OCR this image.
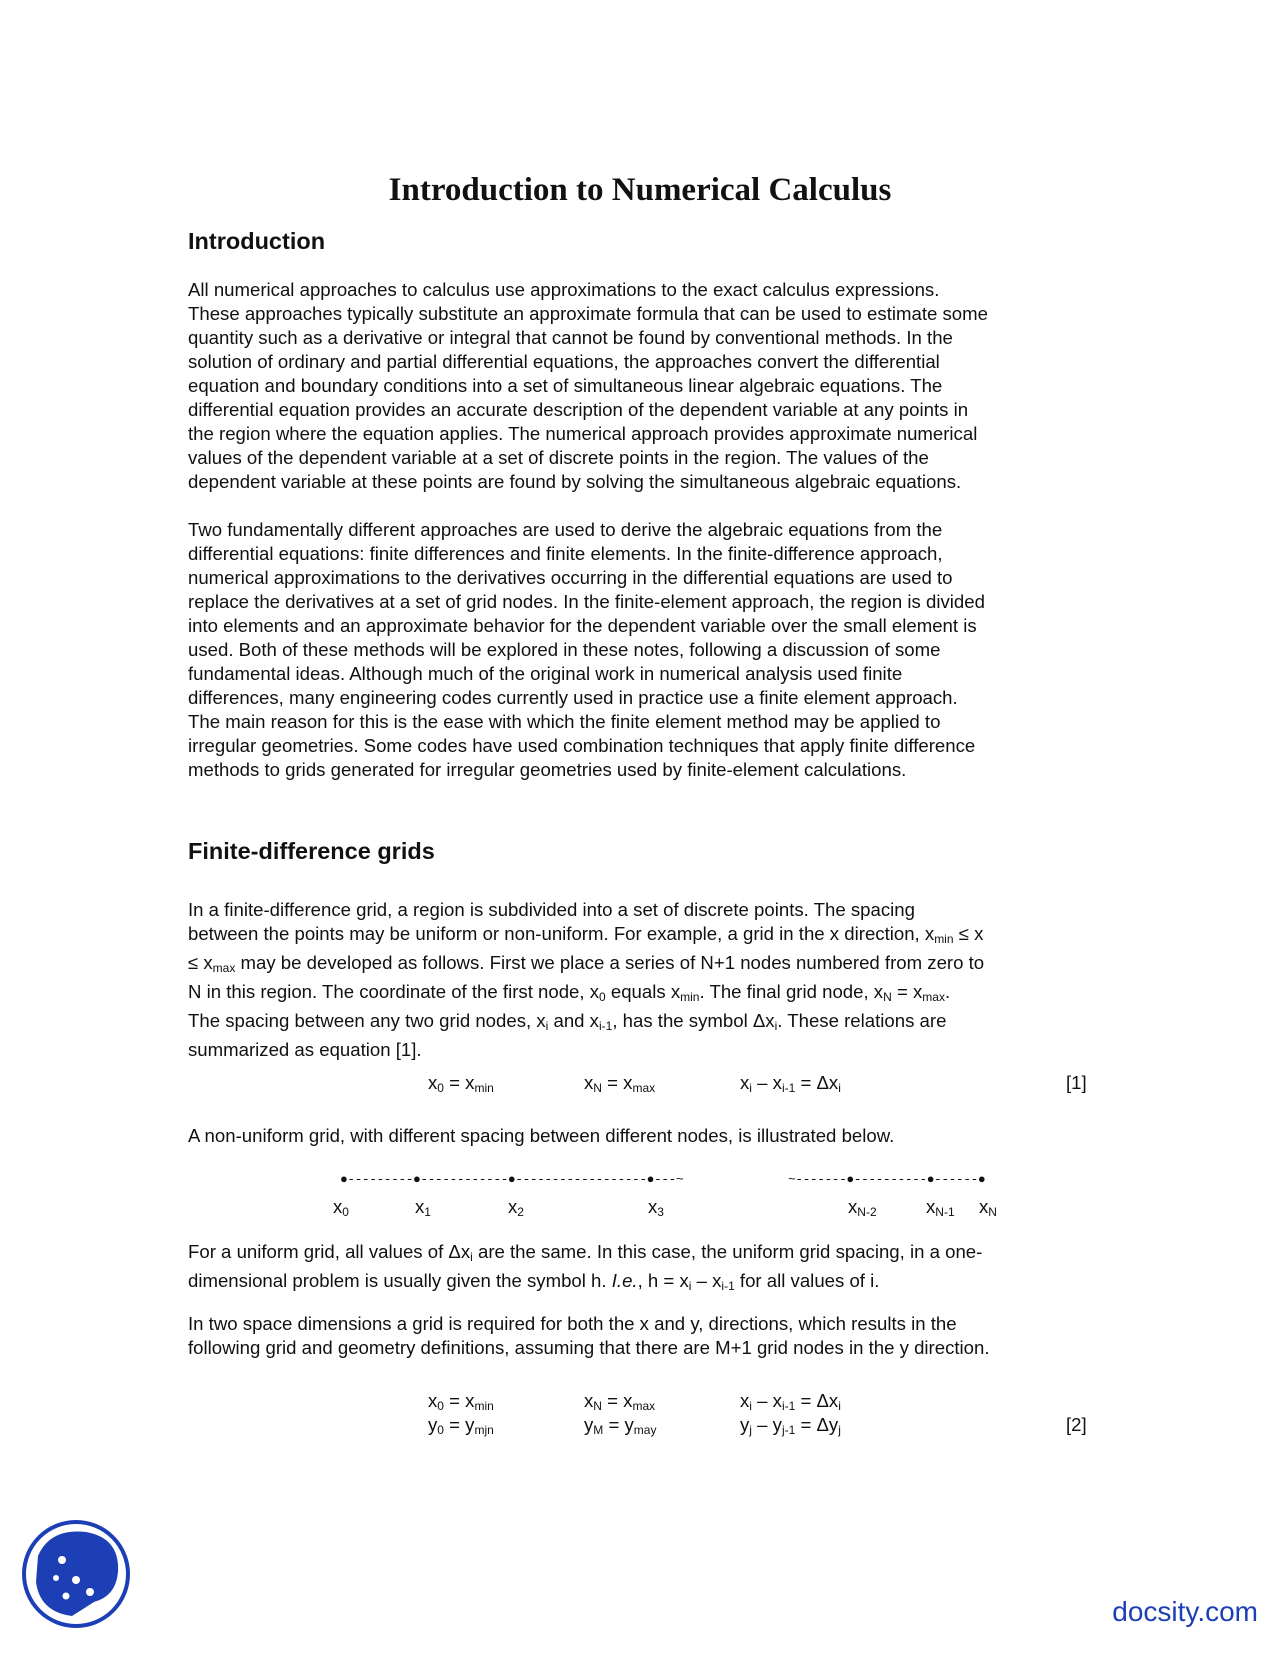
Introduction to Numerical Calculus
Introduction

All numerical approaches to calculus use approximations to the exact calculus expressions.
These approaches typically substitute an approximate formula that can be used to estimate some
quantity such as a derivative or integral that cannot be found by conventional methods. In the
solution of ordinary and partial differential equations, the approaches convert the differential
equation and boundary conditions into a set of simultaneous linear algebraic equations. The
differential equation provides an accurate description of the dependent variable at any points in
the region where the equation applies. The numerical approach provides approximate numerical
values of the dependent variable at a set of discrete points in the region. The values of the
dependent variable at these points are found by solving the simultaneous algebraic equations.

Two fundamentally different approaches are used to derive the algebraic equations from the
differential equations: finite differences and finite elements. In the finite-difference approach,
numerical approximations to the derivatives occurring in the differential equations are used to
replace the derivatives at a set of grid nodes. In the finite-element approach, the region is divided
into elements and an approximate behavior for the dependent variable over the small element is
used. Both of these methods will be explored in these notes, following a discussion of some
fundamental ideas. Although much of the original work in numerical analysis used finite
differences, many engineering codes currently used in practice use a finite element approach.
The main reason for this is the ease with which the finite element method may be applied to
irregular geometries. Some codes have used combination techniques that apply finite difference
methods to grids generated for irregular geometries used by finite-element calculations.

Finite-difference grids

In a finite-difference grid, a region is subdivided into a set of discrete points. The spacing
between the points may be uniform or non-uniform. For example, a grid in the x direction, xmin ≤ x
≤ xmax may be developed as follows. First we place a series of N+1 nodes numbered from zero to
N in this region. The coordinate of the first node, x0 equals xmin. The final grid node, xN = xmax.
The spacing between any two grid nodes, xi and xi-1, has the symbol Δxi. These relations are
summarized as equation [1].

x0 = xmin	xN = xmax	xi – xi-1 = Δxi	[1]

A non-uniform grid, with different spacing between different nodes, is illustrated below.

●---------●------------●------------------●---~	~-------●----------●------●
x0	x1	x2	x3	xN-2	xN-1 xN

For a uniform grid, all values of Δxi are the same. In this case, the uniform grid spacing, in a one-
dimensional problem is usually given the symbol h. I.e., h = xi – xi-1 for all values of i.

In two space dimensions a grid is required for both the x and y, directions, which results in the
following grid and geometry definitions, assuming that there are M+1 grid nodes in the y direction.

x0 = xmin	xN = xmax	xi – xi-1 = Δxi
y0 = ymjn	yM = ymay	yj – yj-1 = Δyj	[2]
docsity.com
